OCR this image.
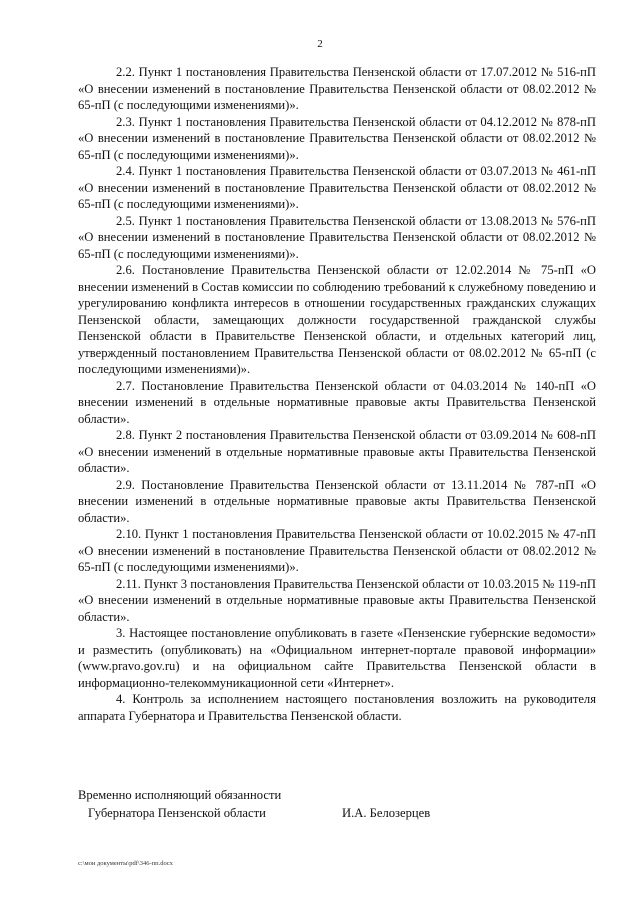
2

2.2. Пункт 1 постановления Правительства Пензенской области от 17.07.2012 № 516-пП «О внесении изменений в постановление Правительства Пензенской области от 08.02.2012 № 65-пП (с последующими изменениями)».

2.3. Пункт 1 постановления Правительства Пензенской области от 04.12.2012 № 878-пП «О внесении изменений в постановление Правительства Пензенской области от 08.02.2012 № 65-пП (с последующими изменениями)».

2.4. Пункт 1 постановления Правительства Пензенской области от 03.07.2013 № 461-пП «О внесении изменений в постановление Правительства Пензенской области от 08.02.2012 № 65-пП (с последующими изменениями)».

2.5. Пункт 1 постановления Правительства Пензенской области от 13.08.2013 № 576-пП «О внесении изменений в постановление Правительства Пензенской области от 08.02.2012 № 65-пП (с последующими изменениями)».

2.6. Постановление Правительства Пензенской области от 12.02.2014 № 75-пП «О внесении изменений в Состав комиссии по соблюдению требований к служебному поведению и урегулированию конфликта интересов в отношении государственных гражданских служащих Пензенской области, замещающих должности государственной гражданской службы Пензенской области в Правительстве Пензенской области, и отдельных категорий лиц, утвержденный постановлением Правительства Пензенской области от 08.02.2012 № 65-пП (с последующими изменениями)».

2.7. Постановление Правительства Пензенской области от 04.03.2014 № 140-пП «О внесении изменений в отдельные нормативные правовые акты Правительства Пензенской области».

2.8. Пункт 2 постановления Правительства Пензенской области от 03.09.2014 № 608-пП «О внесении изменений в отдельные нормативные правовые акты Правительства Пензенской области».

2.9. Постановление Правительства Пензенской области от 13.11.2014 № 787-пП «О внесении изменений в отдельные нормативные правовые акты Правительства Пензенской области».

2.10. Пункт 1 постановления Правительства Пензенской области от 10.02.2015 № 47-пП «О внесении изменений в постановление Правительства Пензенской области от 08.02.2012 № 65-пП (с последующими изменениями)».

2.11. Пункт 3 постановления Правительства Пензенской области от 10.03.2015 № 119-пП «О внесении изменений в отдельные нормативные правовые акты Правительства Пензенской области».

3. Настоящее постановление опубликовать в газете «Пензенские губернские ведомости» и разместить (опубликовать) на «Официальном интернет-портале правовой информации» (www.pravo.gov.ru) и на официальном сайте Правительства Пензенской области в информационно-телекоммуникационной сети «Интернет».

4. Контроль за исполнением настоящего постановления возложить на руководителя аппарата Губернатора и Правительства Пензенской области.

Временно исполняющий обязанности
Губернатора Пензенской области	И.А. Белозерцев
c:\мои документы\pdf\346-пп.docx
